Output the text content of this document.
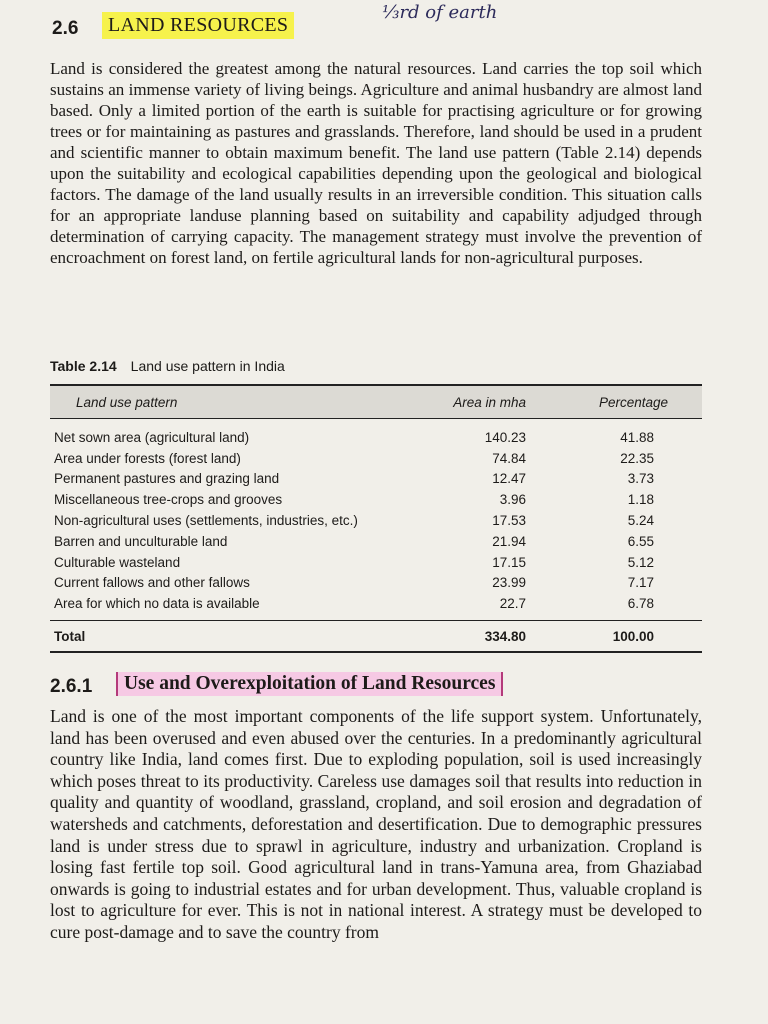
2.6	LAND RESOURCES
⅓rd of earth

Land is considered the greatest among the natural resources. Land carries the top soil which sustains an immense variety of living beings. Agriculture and animal husbandry are almost land based. Only a limited portion of the earth is suitable for practising agriculture or for growing trees or for maintaining as pastures and grasslands. Therefore, land should be used in a prudent and scientific manner to obtain maximum benefit. The land use pattern (Table 2.14) depends upon the suitability and ecological capabilities depending upon the geological and biological factors. The damage of the land usually results in an irreversible condition. This situation calls for an appropriate landuse planning based on suitability and capability adjudged through determination of carrying capacity. The management strategy must involve the prevention of encroachment on forest land, on fertile agricultural lands for non-agricultural purposes.

Table 2.14 Land use pattern in India
Land use pattern	Area in mha	Percentage
Net sown area (agricultural land)	140.23	41.88
Area under forests (forest land)	74.84	22.35
Permanent pastures and grazing land	12.47	3.73
Miscellaneous tree-crops and grooves	3.96	1.18
Non-agricultural uses (settlements, industries, etc.)	17.53	5.24
Barren and unculturable land	21.94	6.55
Culturable wasteland	17.15	5.12
Current fallows and other fallows	23.99	7.17
Area for which no data is available	22.7	6.78
Total	334.80	100.00
2.6.1	Use and Overexploitation of Land Resources

Land is one of the most important components of the life support system. Unfortunately, land has been overused and even abused over the centuries. In a predominantly agricultural country like India, land comes first. Due to exploding population, soil is used increasingly which poses threat to its productivity. Careless use damages soil that results into reduction in quality and quantity of woodland, grassland, cropland, and soil erosion and degradation of watersheds and catchments, deforestation and desertification. Due to demographic pressures land is under stress due to sprawl in agriculture, industry and urbanization. Cropland is losing fast fertile top soil. Good agricultural land in trans-Yamuna area, from Ghaziabad onwards is going to industrial estates and for urban development. Thus, valuable cropland is lost to agriculture for ever. This is not in national interest. A strategy must be developed to cure post-damage and to save the country from
